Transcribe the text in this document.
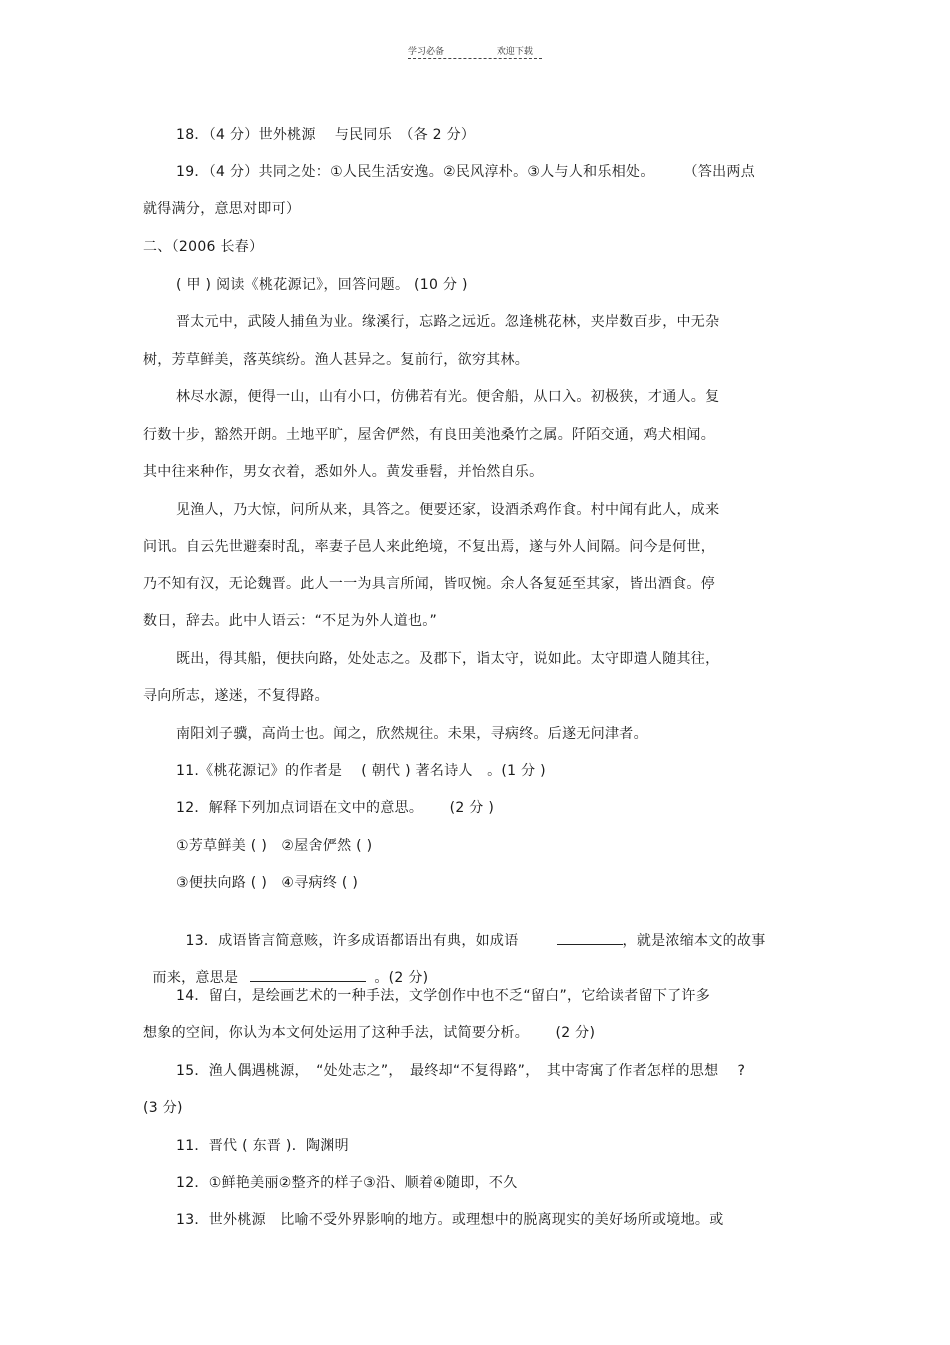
学习必备	欢迎下载
18．（4 分）世外桃源　 与民同乐　（各 2 分）
19．（4 分）共同之处：①人民生活安逸。②民风淳朴。③人与人和乐相处。　　　（答出两点
就得满分，意思对即可）
二、（2006 长春）
( 甲 ) 阅读《桃花源记》，回答问题。 (10 分 )
晋太元中，武陵人捕鱼为业。缘溪行，忘路之远近。忽逢桃花林，夹岸数百步，中无杂
树，芳草鲜美，落英缤纷。渔人甚异之。复前行，欲穷其林。
林尽水源，便得一山，山有小口，仿佛若有光。便舍船，从口入。初极狭，才通人。复
行数十步，豁然开朗。土地平旷，屋舍俨然，有良田美池桑竹之属。阡陌交通，鸡犬相闻。
其中往来种作，男女衣着，悉如外人。黄发垂髫，并怡然自乐。
见渔人，乃大惊，问所从来，具答之。便要还家，设酒杀鸡作食。村中闻有此人，成来
问讯。自云先世避秦时乱，率妻子邑人来此绝境，不复出焉，遂与外人间隔。问今是何世，
乃不知有汉，无论魏晋。此人一一为具言所闻，皆叹惋。余人各复延至其家，皆出酒食。停
数日，辞去。此中人语云：“不足为外人道也。”
既出，得其船，便扶向路，处处志之。及郡下，诣太守，说如此。太守即遣人随其往，
寻向所志，遂迷，不复得路。
南阳刘子骥，高尚士也。闻之，欣然规往。未果，寻病终。后遂无问津者。
11.《桃花源记》的作者是　 ( 朝代 ) 著名诗人　。(1 分 )
12．解释下列加点词语在文中的意思。　　 (2 分 )
①芳草鲜美 ( )　②屋舍俨然 ( )
③便扶向路 ( )　④寻病终 ( )

13．成语皆言简意赅，许多成语都语出有典，如成语	，就是浓缩本文的故事

而来，意思是	。(2 分)

14．留白，是绘画艺术的一种手法，文学创作中也不乏“留白”，它给读者留下了许多
想象的空间，你认为本文何处运用了这种手法，试简要分析。　　 (2 分)
15．渔人偶遇桃源，　“处处志之”，　最终却“不复得路”，　其中寄寓了作者怎样的思想　 ?
(3 分)
11．晋代 ( 东晋 )．陶渊明
12．①鲜艳美丽②整齐的样子③沿、顺着④随即，不久
13．世外桃源　比喻不受外界影响的地方。或理想中的脱离现实的美好场所或境地。或
